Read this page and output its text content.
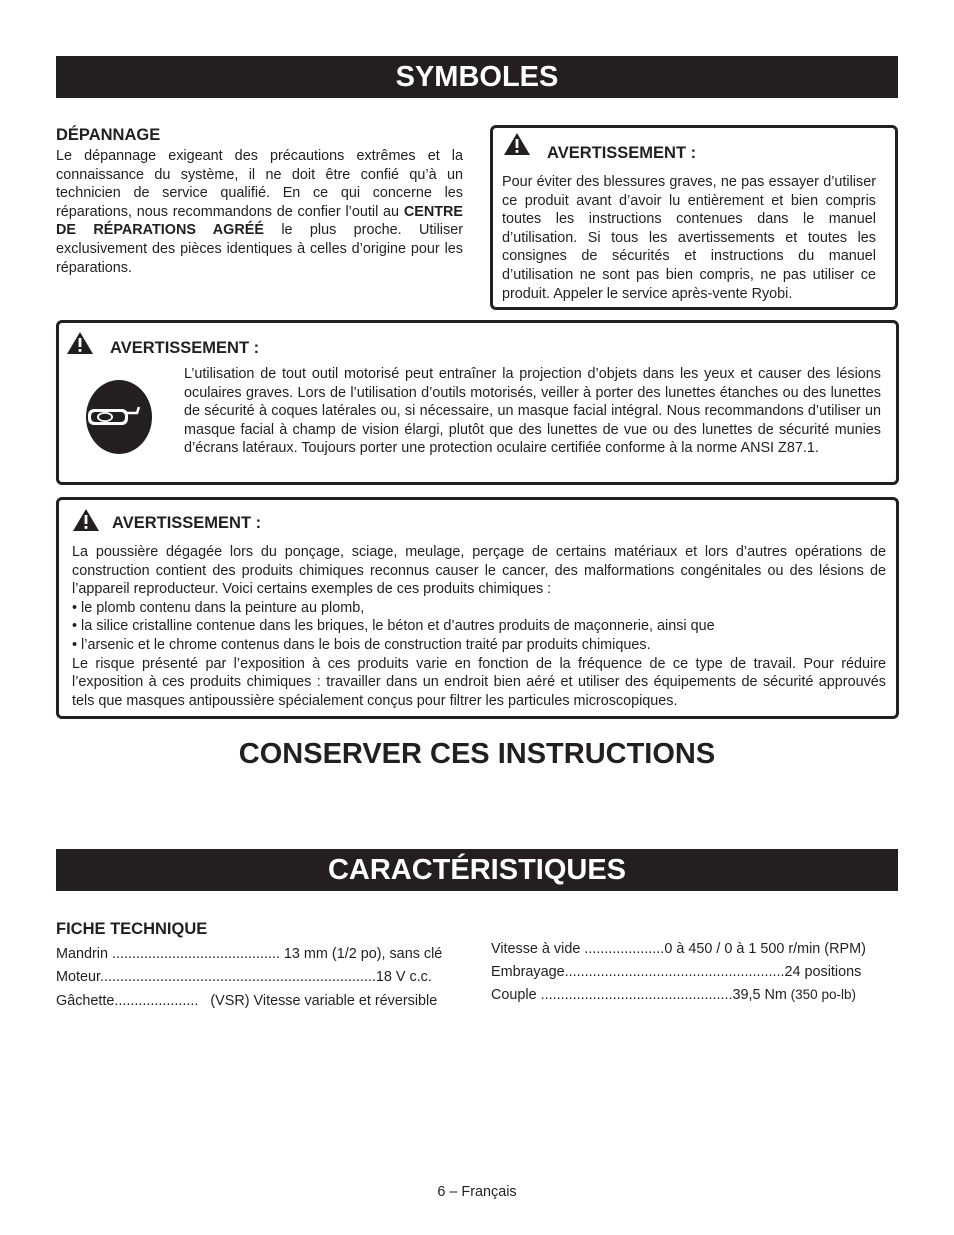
SYMBOLES
DÉPANNAGE
Le dépannage exigeant des précautions extrêmes et la connaissance du système, il ne doit être confié qu’à un technicien de service qualifié. En ce qui concerne les réparations, nous recommandons de confier l’outil au CENTRE DE RÉPARATIONS AGRÉÉ le plus proche. Utiliser exclusivement des pièces identiques à celles d’origine pour les réparations.
AVERTISSEMENT :
Pour éviter des blessures graves, ne pas essayer d’utiliser ce produit avant d’avoir lu entièrement et bien compris toutes les instructions contenues dans le manuel d’utilisation. Si tous les avertissements et toutes les consignes de sécurités et instructions du manuel d’utilisation ne sont pas bien compris, ne pas utiliser ce produit. Appeler le service après-vente Ryobi.
AVERTISSEMENT :
L’utilisation de tout outil motorisé peut entraîner la projection d’objets dans les yeux et causer des lésions oculaires graves. Lors de l’utilisation d’outils motorisés, veiller à porter des lunettes étanches ou des lunettes de sécurité à coques latérales ou, si nécessaire, un masque facial intégral. Nous recommandons d’utiliser un masque facial à champ de vision élargi, plutôt que des lunettes de vue ou des lunettes de sécurité munies d’écrans latéraux. Toujours porter une protection oculaire certifiée conforme à la norme ANSI Z87.1.
AVERTISSEMENT :
La poussière dégagée lors du ponçage, sciage, meulage, perçage de certains matériaux et lors d’autres opérations de construction contient des produits chimiques reconnus causer le cancer, des malformations congénitales ou des lésions de l’appareil reproducteur. Voici certains exemples de ces produits chimiques :
• le plomb contenu dans la peinture au plomb,
• la silice cristalline contenue dans les briques, le béton et d’autres produits de maçonnerie, ainsi que
• l’arsenic et le chrome contenus dans le bois de construction traité par produits chimiques.
Le risque présenté par l’exposition à ces produits varie en fonction de la fréquence de ce type de travail. Pour réduire l’exposition à ces produits chimiques : travailler dans un endroit bien aéré et utiliser des équipements de sécurité approuvés tels que masques antipoussière spécialement conçus pour filtrer les particules microscopiques.
CONSERVER CES INSTRUCTIONS
CARACTÉRISTIQUES
FICHE TECHNIQUE
Mandrin .......................................... 13 mm (1/2 po), sans clé
Moteur.....................................................................18 V c.c.
Gâchette.....................   (VSR) Vitesse variable et réversible
Vitesse à vide ....................0 à 450 / 0 à 1 500 r/min (RPM)
Embrayage.......................................................24 positions
Couple ................................................39,5 Nm (350 po-lb)
6 – Français
